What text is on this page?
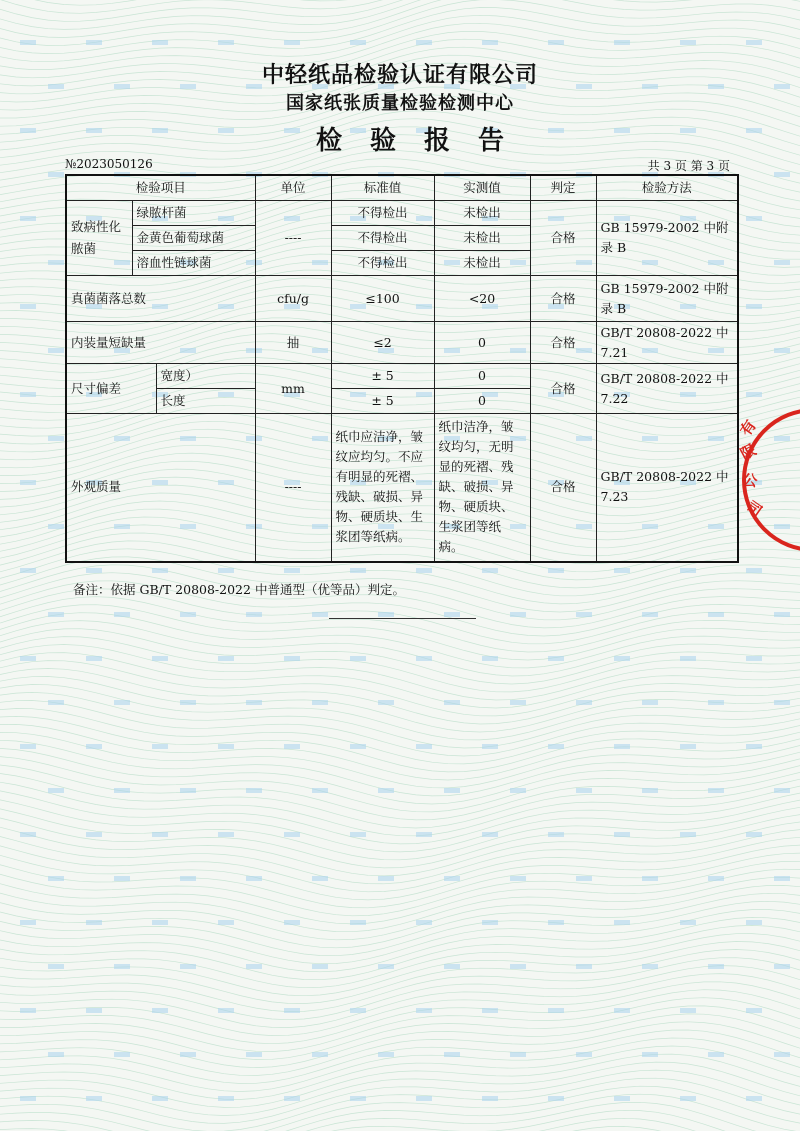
中轻纸品检验认证有限公司
国家纸张质量检验检测中心
检验报告
№2023050126	共 3 页 第 3 页
检验项目			单位	标准值	实测值	判定	检验方法
致病性化脓菌	绿脓杆菌		----	不得检出	未检出	合格	GB 15979-2002 中附录 B
	金黄色葡萄球菌			不得检出	未检出		
	溶血性链球菌			不得检出	未检出		
真菌菌落总数			cfu/g	≤100	<20	合格	GB 15979-2002 中附录 B
内装量短缺量			抽	≤2	0	合格	GB/T 20808-2022 中 7.21
尺寸偏差		宽度）	mm	± 5	0	合格	GB/T 20808-2022 中 7.22
		长度		± 5	0		
外观质量			----	纸巾应洁净，皱纹应均匀。不应有明显的死褶、残缺、破损、异物、硬质块、生浆团等纸病。	纸巾洁净，皱纹均匀，无明显的死褶、残缺、破损、异物、硬质块、生浆团等纸病。	合格	GB/T 20808-2022 中 7.23
备注：依据 GB/T 20808-2022 中普通型（优等品）判定。
有
限
公
司
